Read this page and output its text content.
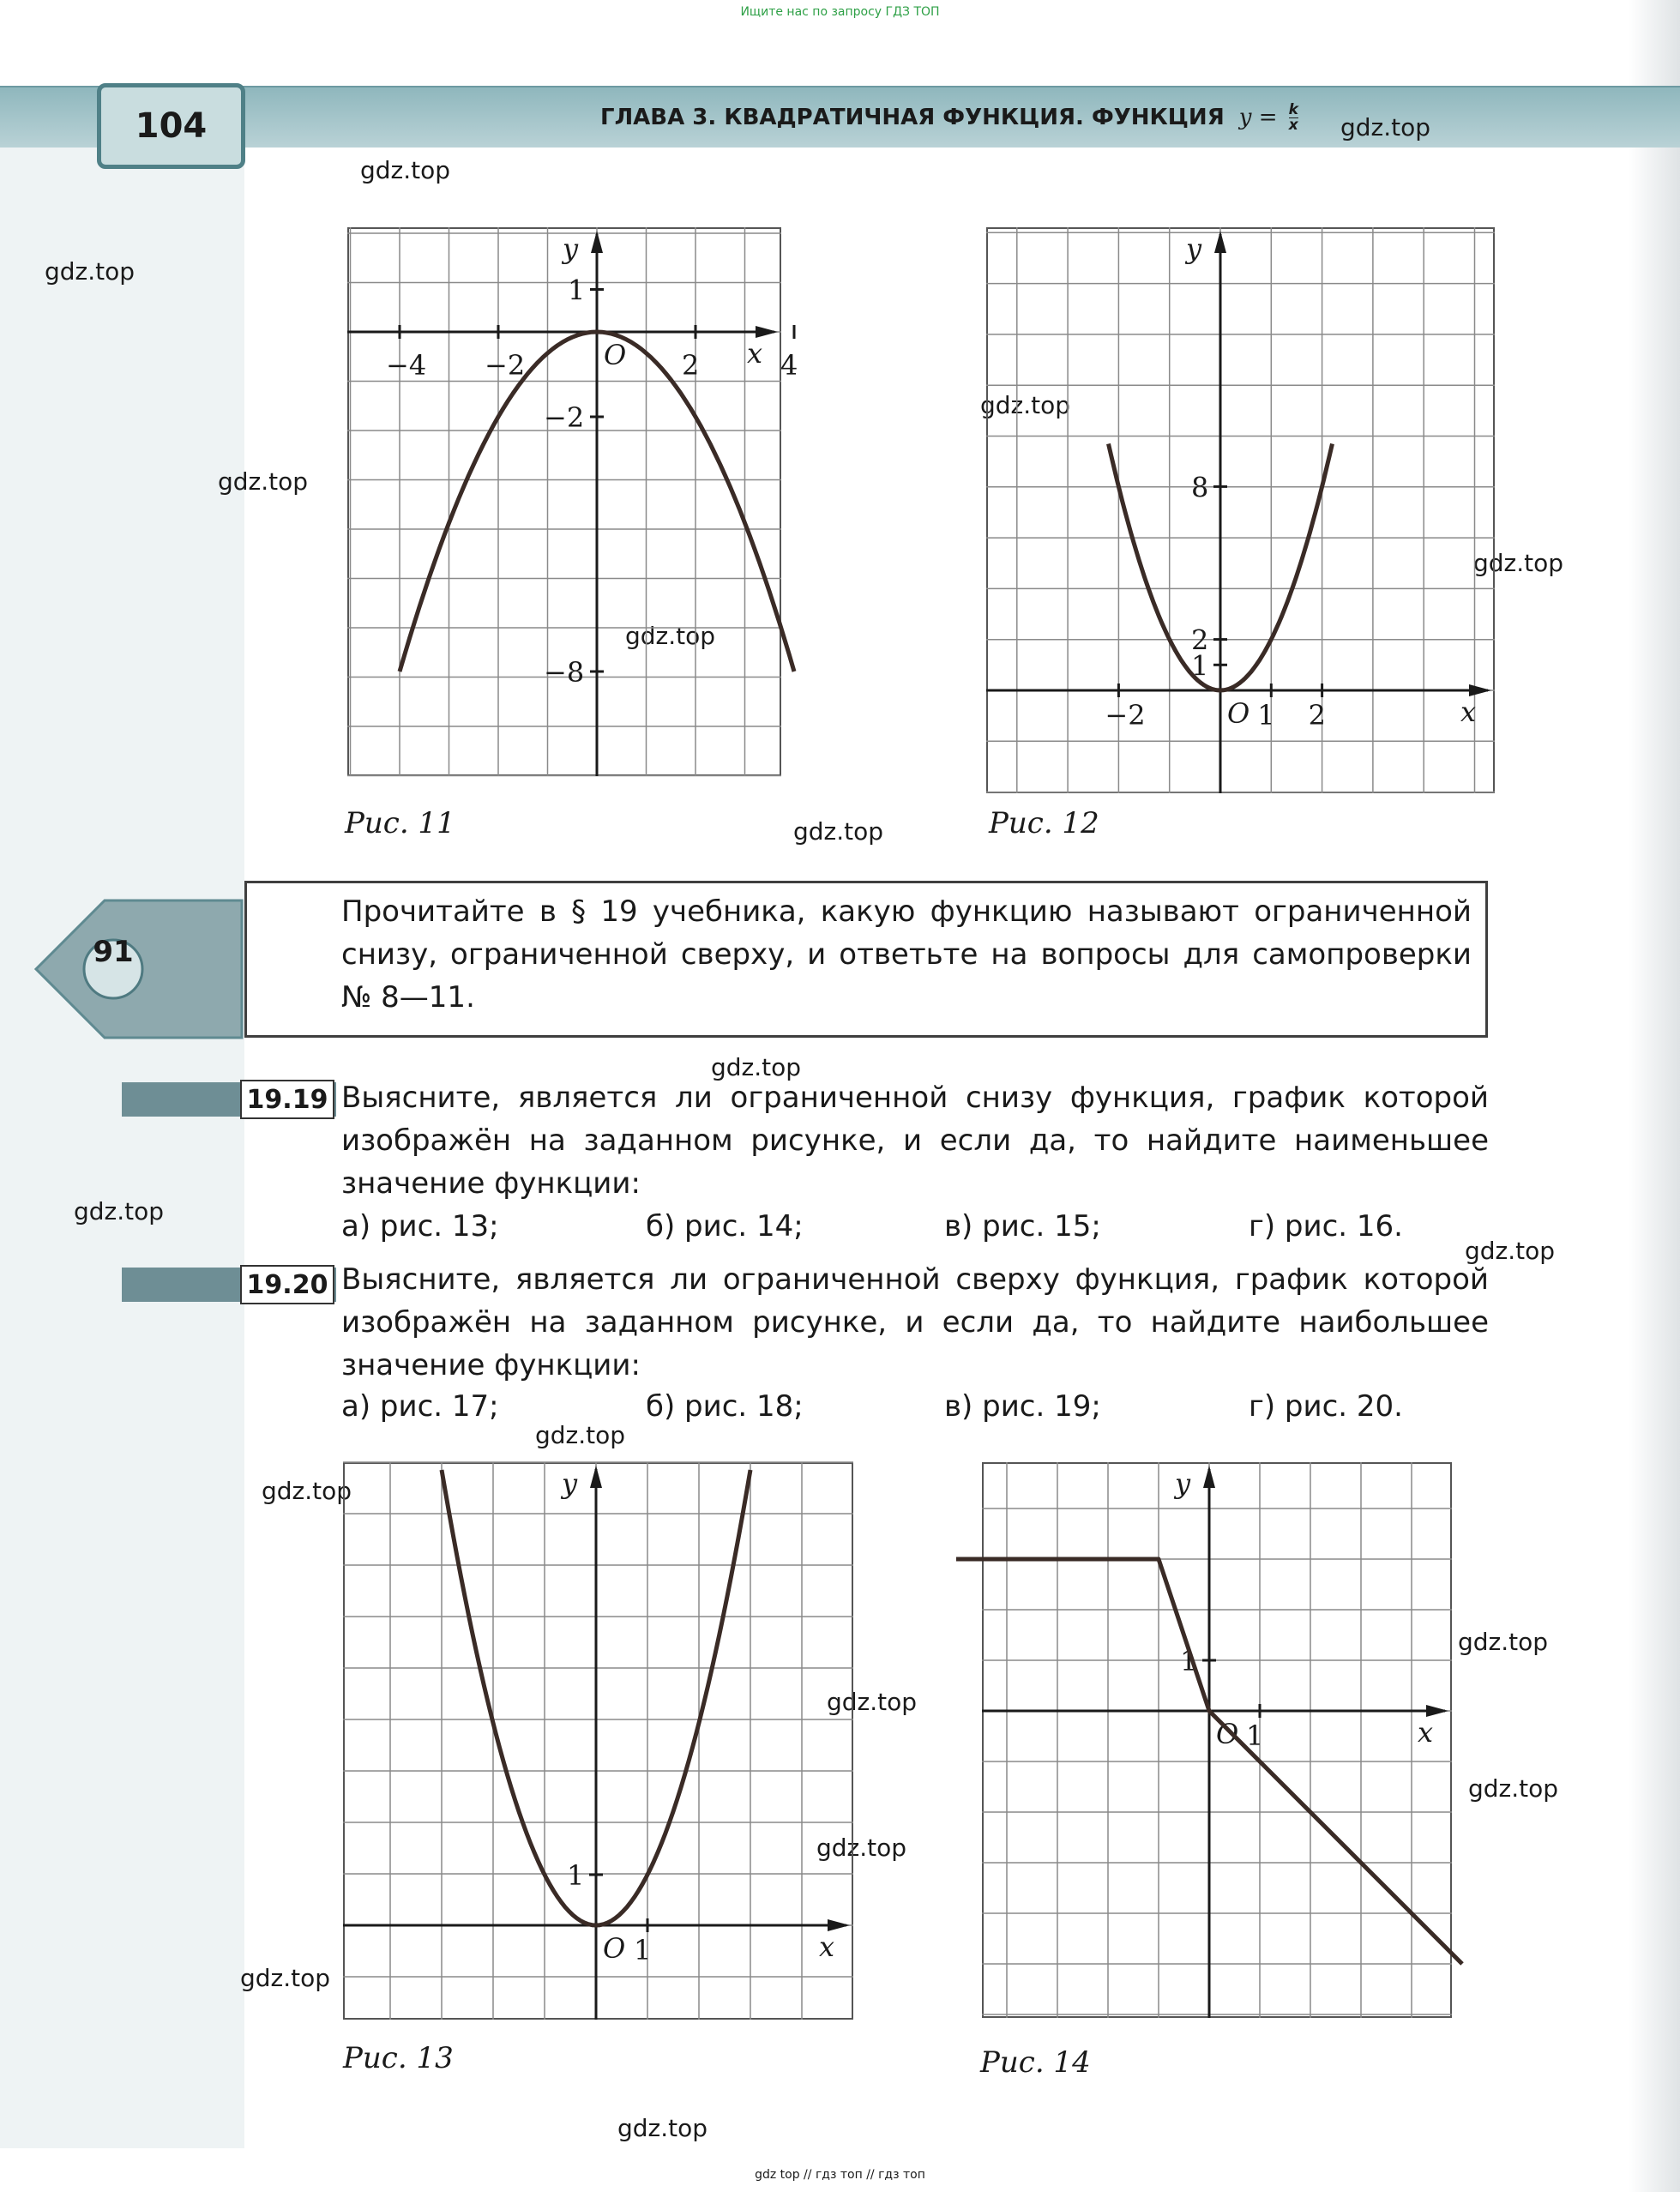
Ищите нас по запросу ГДЗ ТОП
104	ГЛАВА 3. КВАДРАТИЧНАЯ ФУНКЦИЯ. ФУНКЦИЯ $y = \frac{k}{x} gdz.top$
gdz.top
gdz.top
gdz.top
gdz.top
gdz.top
gdz.top
gdz.top
gdz.top
gdz.top
gdz.top
gdz.top
gdz.top
gdz.top
gdz.top
gdz.top
gdz.top
gdz.top
gdz.top
x
y
O
−4 −2	2	4
1
−2
−8
Рис. 11
x
y
O
−2	1 2
8
2
1
Рис. 12
91
Прочитайте в § 19 учебника, какую функцию называют ограниченной снизу, ограниченной сверху, и ответьте на вопросы для самопроверки № 8—11.
19.19 Выясните, является ли ограниченной снизу функция, график которой изображён на заданном рисунке, и если да, то найдите наименьшее значение функции:
а) рис. 13;	б) рис. 14;	в) рис. 15;	г) рис. 16.
19.20 Выясните, является ли ограниченной сверху функция, график которой изображён на заданном рисунке, и если да, то найдите наибольшее значение функции:
а) рис. 17;	б) рис. 18;	в) рис. 19;	г) рис. 20.
x
y
O 1
1
Рис. 13
x
y
O 1
1
Рис. 14
gdz top // гдз топ // гдз топ
